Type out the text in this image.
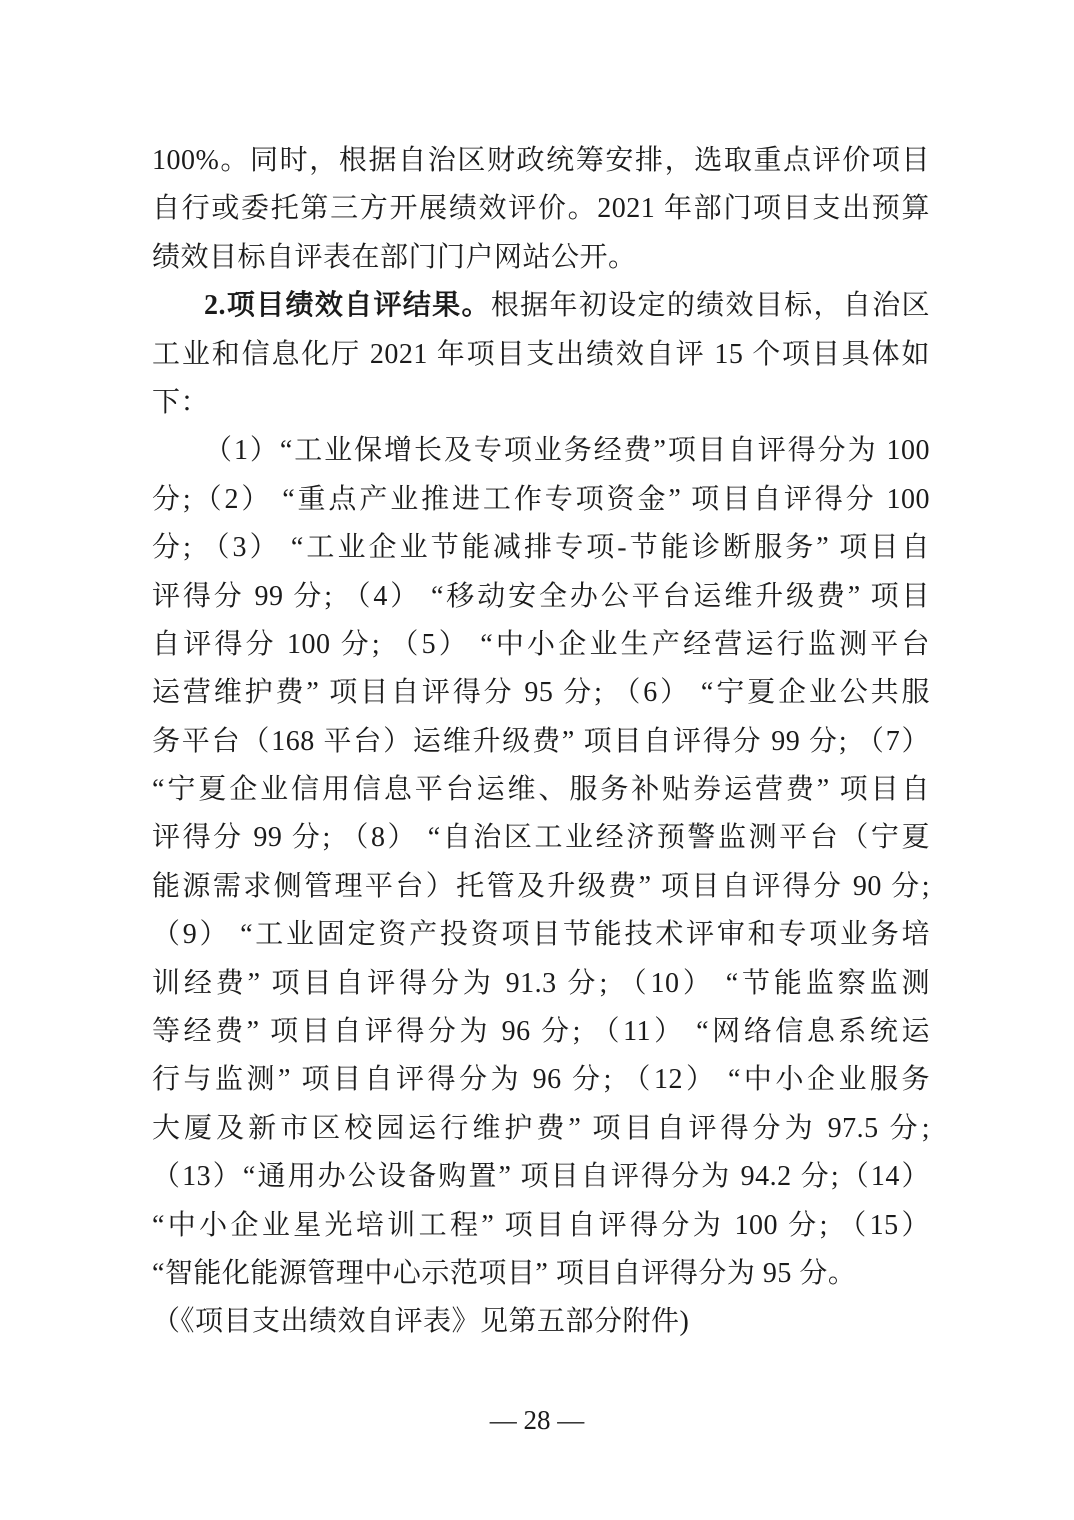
100%。同时，根据自治区财政统筹安排，选取重点评价项目
自行或委托第三方开展绩效评价。2021 年部门项目支出预算
绩效目标自评表在部门门户网站公开。
2.项目绩效自评结果。根据年初设定的绩效目标，自治区
工业和信息化厅 2021 年项目支出绩效自评 15 个项目具体如
下：
（1）“工业保增长及专项业务经费”项目自评得分为 100
分;（2） “重点产业推进工作专项资金” 项目自评得分 100
分; （3） “工业企业节能减排专项-节能诊断服务” 项目自
评得分 99 分; （4） “移动安全办公平台运维升级费” 项目
自评得分 100 分; （5） “中小企业生产经营运行监测平台
运营维护费” 项目自评得分 95 分; （6） “宁夏企业公共服
务平台（168 平台）运维升级费” 项目自评得分 99 分; （7）
“宁夏企业信用信息平台运维、服务补贴券运营费” 项目自
评得分 99 分; （8） “自治区工业经济预警监测平台（宁夏
能源需求侧管理平台）托管及升级费” 项目自评得分 90 分;
（9） “工业固定资产投资项目节能技术评审和专项业务培
训经费” 项目自评得分为 91.3 分; （10） “节能监察监测
等经费” 项目自评得分为 96 分; （11） “网络信息系统运
行与监测” 项目自评得分为 96 分; （12） “中小企业服务
大厦及新市区校园运行维护费” 项目自评得分为 97.5 分;
（13）“通用办公设备购置” 项目自评得分为 94.2 分;（14）
“中小企业星光培训工程” 项目自评得分为 100 分; （15）
“智能化能源管理中心示范项目” 项目自评得分为 95 分。
（《项目支出绩效自评表》见第五部分附件)
— 28 —
